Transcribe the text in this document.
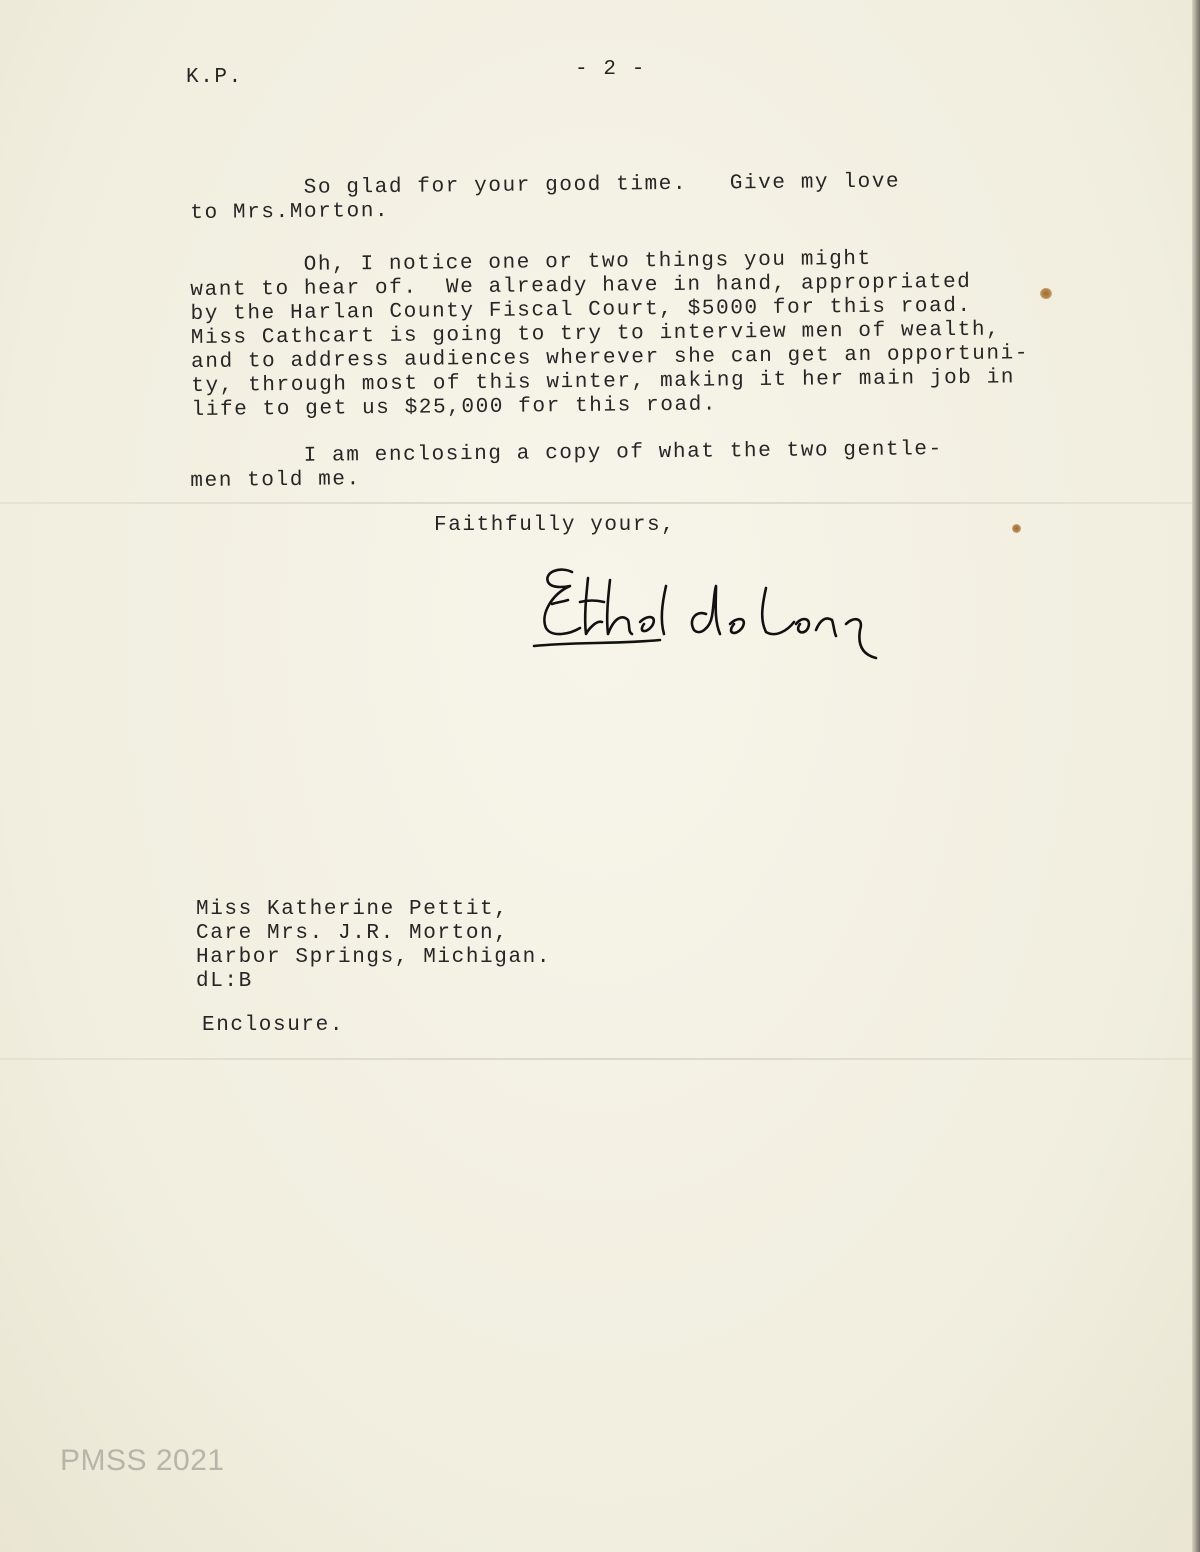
K.P.	- 2 -
So glad for your good time.   Give my love
to Mrs.Morton.
Oh, I notice one or two things you might
want to hear of.  We already have in hand, appropriated
by the Harlan County Fiscal Court, $5000 for this road.
Miss Cathcart is going to try to interview men of wealth,
and to address audiences wherever she can get an opportuni-
ty, through most of this winter, making it her main job in
life to get us $25,000 for this road.
I am enclosing a copy of what the two gentle-
men told me.
Faithfully yours,
Miss Katherine Pettit,
Care Mrs. J.R. Morton,
Harbor Springs, Michigan.
dL:B
Enclosure.
PMSS 2021
